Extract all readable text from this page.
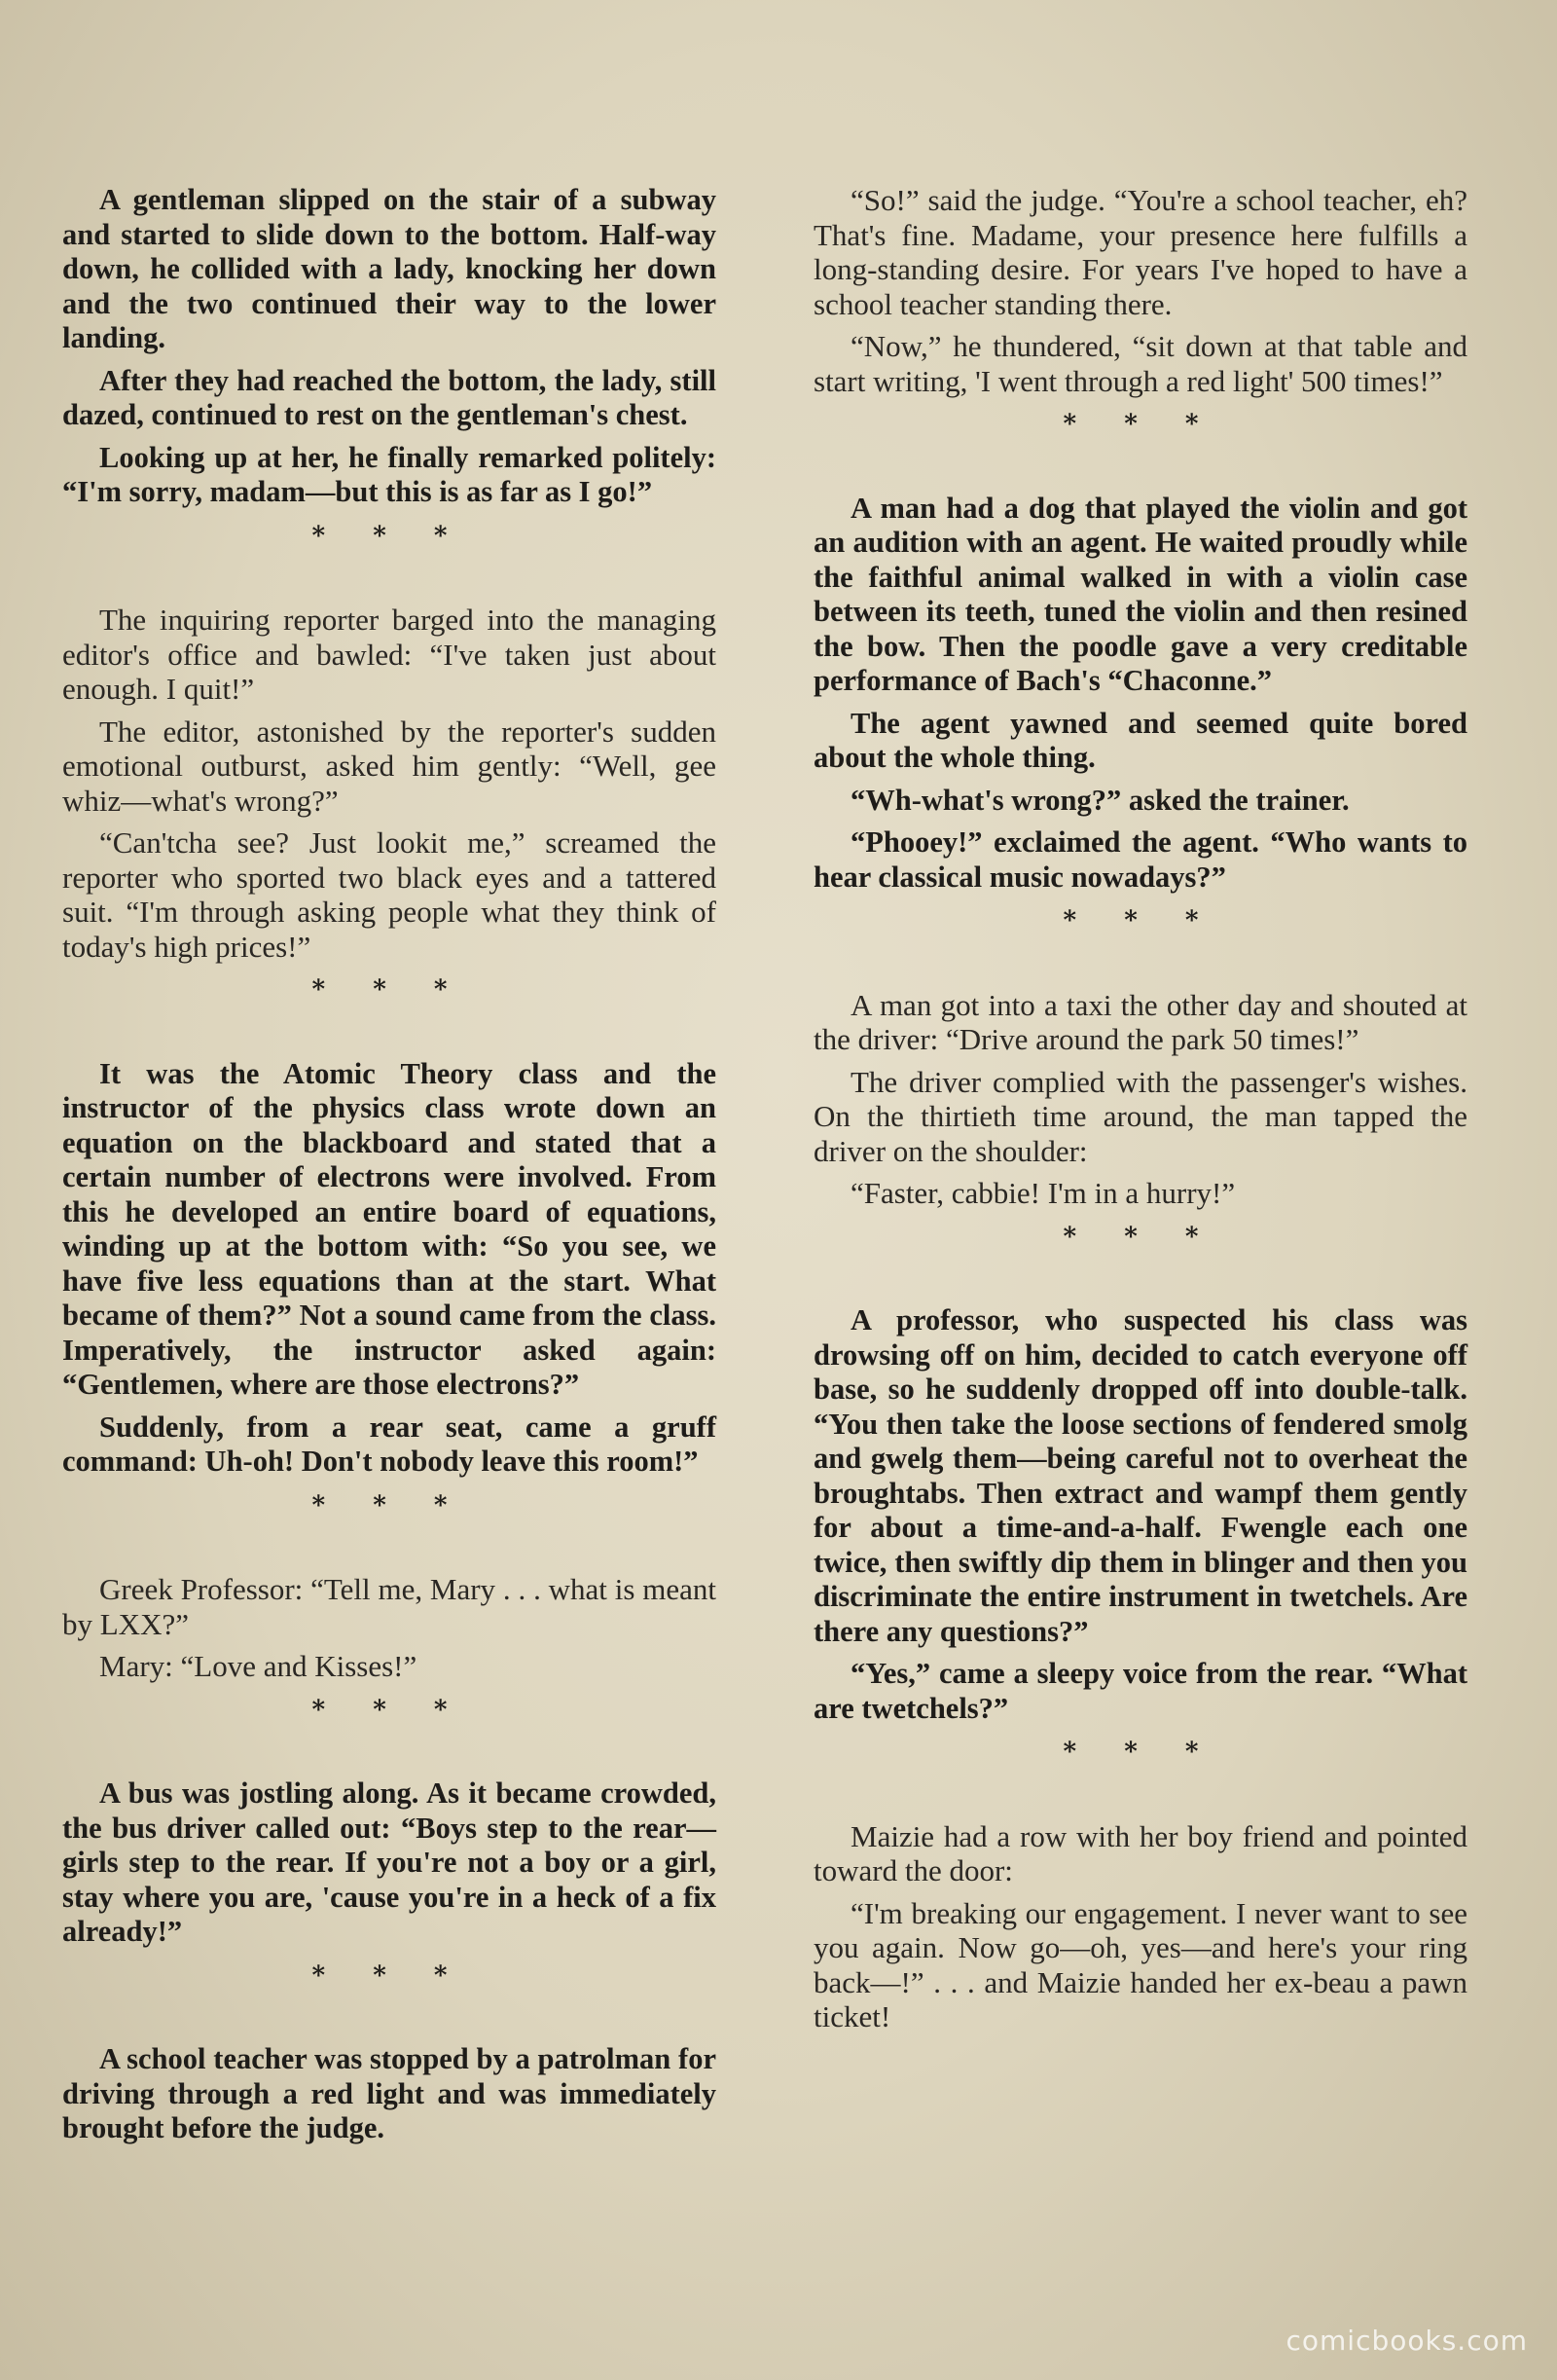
A gentleman slipped on the stair of a subway and started to slide down to the bottom. Half-way down, he collided with a lady, knocking her down and the two continued their way to the lower landing.

After they had reached the bottom, the lady, still dazed, continued to rest on the gentleman's chest.

Looking up at her, he finally remarked politely: “I'm sorry, madam—but this is as far as I go!”

* * *

The inquiring reporter barged into the managing editor's office and bawled: “I've taken just about enough. I quit!”

The editor, astonished by the reporter's sudden emotional outburst, asked him gently: “Well, gee whiz—what's wrong?”

“Can'tcha see? Just lookit me,” screamed the reporter who sported two black eyes and a tattered suit. “I'm through asking people what they think of today's high prices!”

* * *

It was the Atomic Theory class and the instructor of the physics class wrote down an equation on the blackboard and stated that a certain number of electrons were involved. From this he developed an entire board of equations, winding up at the bottom with: “So you see, we have five less equations than at the start. What became of them?” Not a sound came from the class. Imperatively, the instructor asked again: “Gentlemen, where are those electrons?”

Suddenly, from a rear seat, came a gruff command: Uh-oh! Don't nobody leave this room!”

* * *

Greek Professor: “Tell me, Mary . . . what is meant by LXX?”

Mary: “Love and Kisses!”

* * *

A bus was jostling along. As it became crowded, the bus driver called out: “Boys step to the rear—girls step to the rear. If you're not a boy or a girl, stay where you are, 'cause you're in a heck of a fix already!”

* * *

A school teacher was stopped by a patrolman for driving through a red light and was immediately brought before the judge.

“So!” said the judge. “You're a school teacher, eh? That's fine. Madame, your presence here fulfills a long-standing desire. For years I've hoped to have a school teacher standing there.

“Now,” he thundered, “sit down at that table and start writing, 'I went through a red light' 500 times!”

* * *

A man had a dog that played the violin and got an audition with an agent. He waited proudly while the faithful animal walked in with a violin case between its teeth, tuned the violin and then resined the bow. Then the poodle gave a very creditable performance of Bach's “Chaconne.”

The agent yawned and seemed quite bored about the whole thing.

“Wh-what's wrong?” asked the trainer.

“Phooey!” exclaimed the agent. “Who wants to hear classical music nowadays?”

* * *

A man got into a taxi the other day and shouted at the driver: “Drive around the park 50 times!”

The driver complied with the passenger's wishes. On the thirtieth time around, the man tapped the driver on the shoulder:

“Faster, cabbie! I'm in a hurry!”

* * *

A professor, who suspected his class was drowsing off on him, decided to catch everyone off base, so he suddenly dropped off into double-talk. “You then take the loose sections of fendered smolg and gwelg them—being careful not to overheat the broughtabs. Then extract and wampf them gently for about a time-and-a-half. Fwengle each one twice, then swiftly dip them in blinger and then you discriminate the entire instrument in twetchels. Are there any questions?”

“Yes,” came a sleepy voice from the rear. “What are twetchels?”

* * *

Maizie had a row with her boy friend and pointed toward the door:

“I'm breaking our engagement. I never want to see you again. Now go—oh, yes—and here's your ring back—!” . . . and Maizie handed her ex-beau a pawn ticket!

comicbooks.com
